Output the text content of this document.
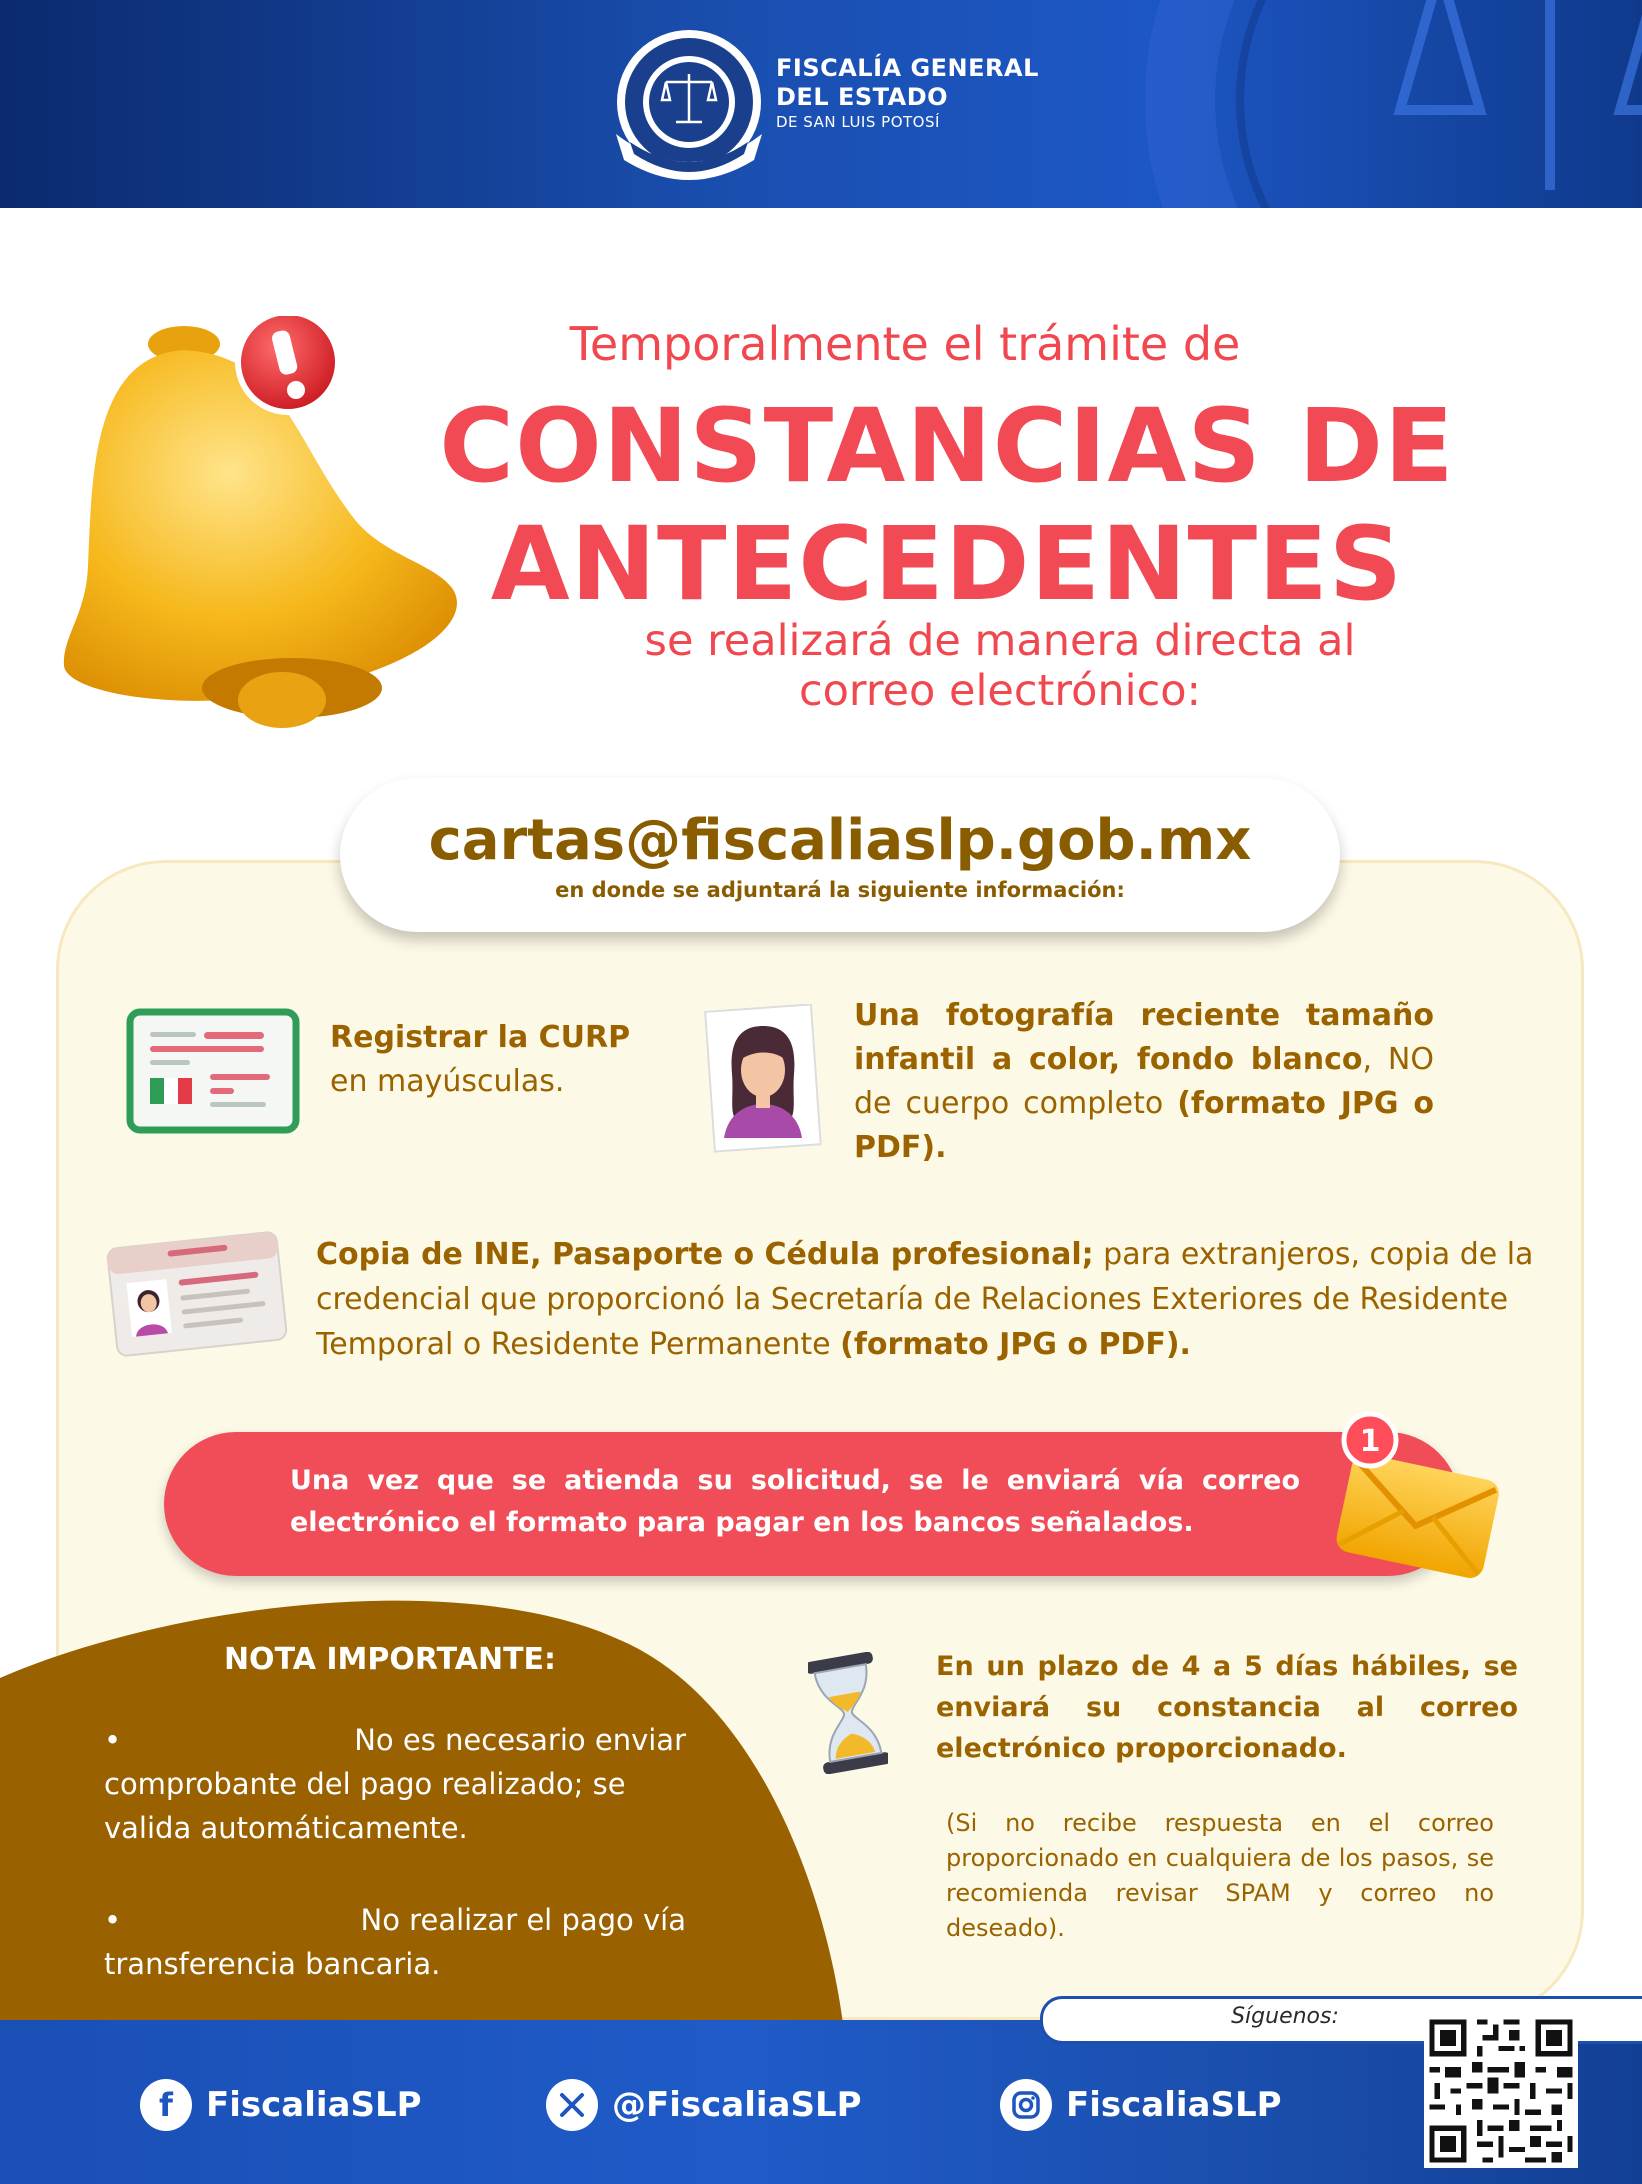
FISCALÍA GENERAL
DEL ESTADO
DE SAN LUIS POTOSÍ
Temporalmente el trámite de
CONSTANCIAS DE
ANTECEDENTES
se realizará de manera directa al
correo electrónico:
cartas@fiscaliaslp.gob.mx
en donde se adjuntará la siguiente información:
Registrar la CURP
en mayúsculas.
Una fotografía reciente tamaño infantil a color, fondo blanco, NO de cuerpo completo (formato JPG o PDF).
Copia de INE, Pasaporte o Cédula profesional; para extranjeros, copia de la credencial que proporcionó la Secretaría de Relaciones Exteriores de Residente Temporal o Residente Permanente (formato JPG o PDF).
Una vez que se atienda su solicitud, se le enviará vía correo electrónico el formato para pagar en los bancos señalados.
1
NOTA IMPORTANTE:
•	No es necesario enviar
comprobante del pago realizado; se valida automáticamente.
•	No realizar el pago vía
transferencia bancaria.
En un plazo de 4 a 5 días hábiles, se enviará su constancia al correo electrónico proporcionado.
(Si no recibe respuesta en el correo proporcionado en cualquiera de los pasos, se recomienda revisar SPAM y correo no deseado).
Síguenos:
f FiscaliaSLP	@FiscaliaSLP	FiscaliaSLP
